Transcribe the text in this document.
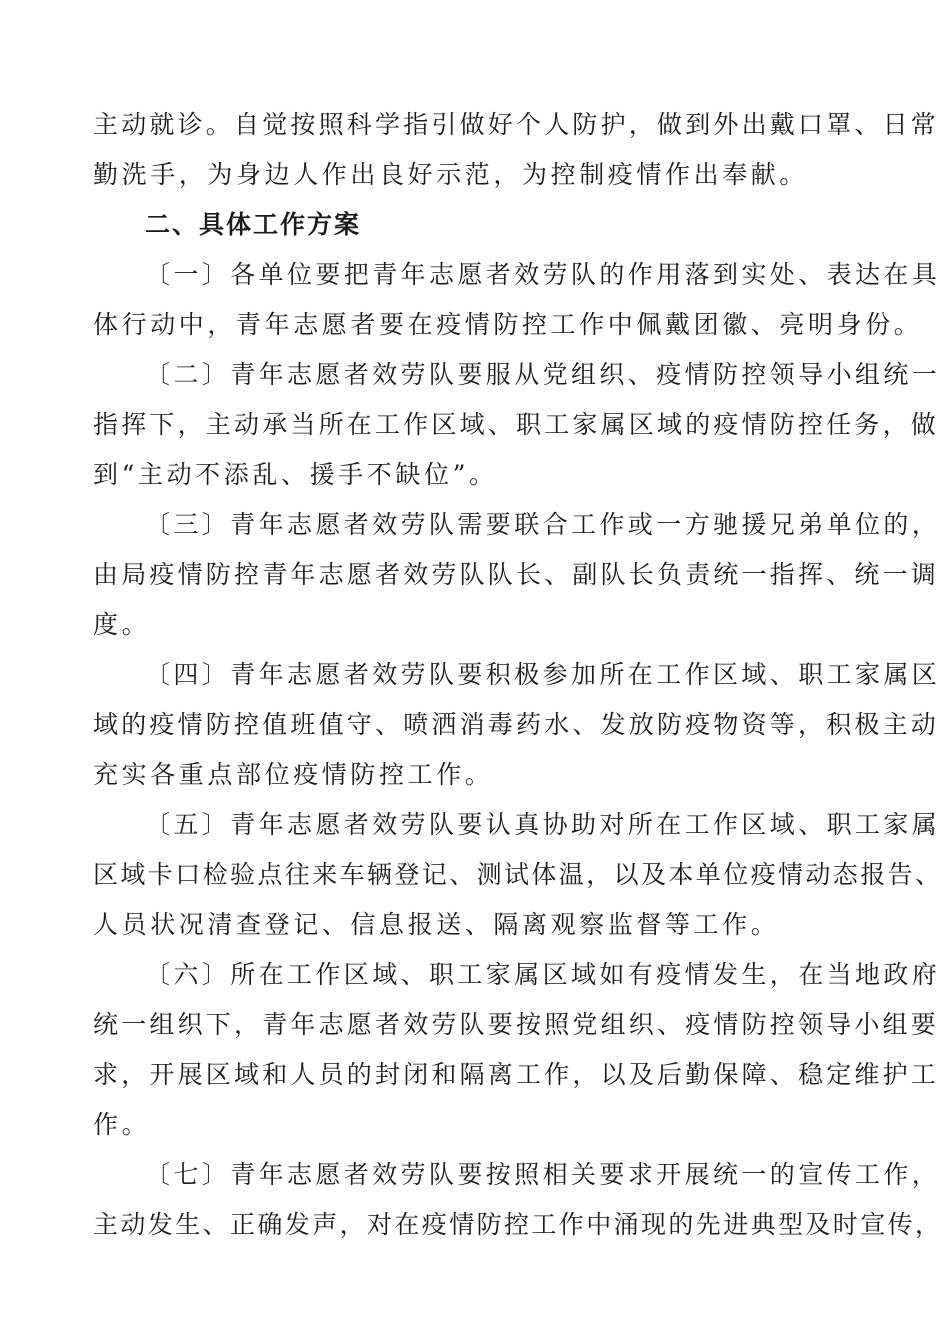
主动就诊。自觉按照科学指引做好个人防护，做到外出戴口罩、日常
勤洗手，为身边人作出良好示范，为控制疫情作出奉献。
二、具体工作方案
〔一〕各单位要把青年志愿者效劳队的作用落到实处、表达在具
体行动中，青年志愿者要在疫情防控工作中佩戴团徽、亮明身份。
〔二〕青年志愿者效劳队要服从党组织、疫情防控领导小组统一
指挥下，主动承当所在工作区域、职工家属区域的疫情防控任务，做
到“主动不添乱、援手不缺位”。
〔三〕青年志愿者效劳队需要联合工作或一方驰援兄弟单位的，
由局疫情防控青年志愿者效劳队队长、副队长负责统一指挥、统一调
度。
〔四〕青年志愿者效劳队要积极参加所在工作区域、职工家属区
域的疫情防控值班值守、喷洒消毒药水、发放防疫物资等，积极主动
充实各重点部位疫情防控工作。
〔五〕青年志愿者效劳队要认真协助对所在工作区域、职工家属
区域卡口检验点往来车辆登记、测试体温，以及本单位疫情动态报告、
人员状况清查登记、信息报送、隔离观察监督等工作。
〔六〕所在工作区域、职工家属区域如有疫情发生，在当地政府
统一组织下，青年志愿者效劳队要按照党组织、疫情防控领导小组要
求，开展区域和人员的封闭和隔离工作，以及后勤保障、稳定维护工
作。
〔七〕青年志愿者效劳队要按照相关要求开展统一的宣传工作，
主动发生、正确发声，对在疫情防控工作中涌现的先进典型及时宣传，
